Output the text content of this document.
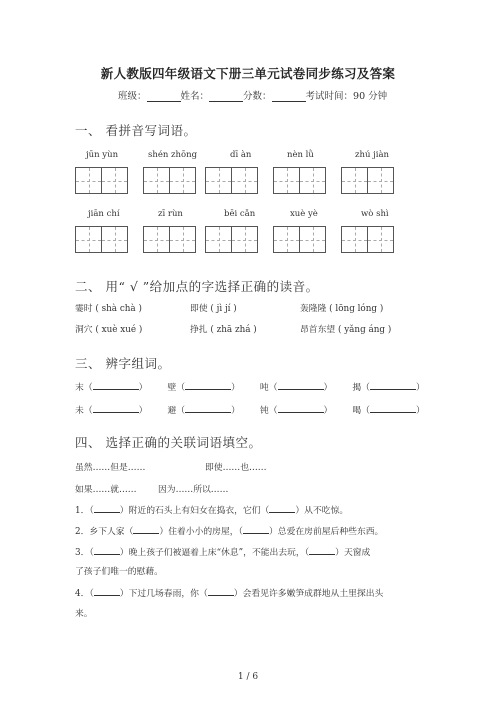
新人教版四年级语文下册三单元试卷同步练习及答案
班级：	姓名：	分数：	考试时间：90 分钟
一、 看拼音写词语。
jūn yùn	shén zhōng	dī àn	nèn lǜ	zhú jiàn
jiān chí	zī rùn	bēi cǎn	xuè yè	wò shì
二、 用“ √ ”给加点的字选择正确的读音。
霎时 ( shà chà )	即使 ( jì jí )	轰隆隆 ( lōng lóng )
洞穴 ( xuè xué )	挣扎 ( zhā zhá )	昂首东望 ( yǎng áng )
三、 辨字组词。
末（	） 壁（	） 吨（	） 揭（	）
未（	） 避（	） 钝（	） 喝（	）
四、 选择正确的关联词语填空。
虽然……但是……	即使……也……
如果……就…… 因为……所以……
1．（	）附近的石头上有妇女在捣衣，它们（	）从不吃惊。
2．乡下人家（	）住着小小的房屋，（	）总爱在房前屋后种些东西。
3．（	）晚上孩子们被逼着上床“休息”，不能出去玩，（	）天窗成
了孩子们唯一的慰藉。
4．（	）下过几场春雨，你（	）会看见许多嫩笋成群地从土里探出头
来。
1 / 6
